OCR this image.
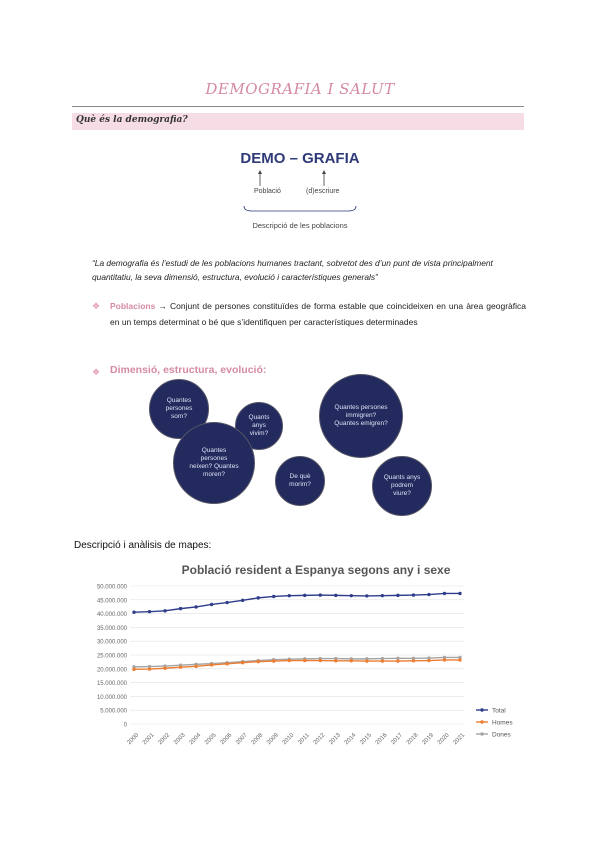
DEMOGRAFIA I SALUT
Què és la demografia?
DEMO – GRAFIA
Població	(d)escriure
Descripció de les poblacions
“La demografia és l’estudi de les poblacions humanes tractant, sobretot des d’un punt de vista principalment quantitatiu, la seva dimensió, estructura, evolució i característiques generals”
❖ Poblacions → Conjunt de persones constituïdes de forma estable que coincideixen en una àrea geogràfica en un temps determinat o bé que s’identifiquen per característiques determinades
❖ Dimensió, estructura, evolució:
Quantes persones som?	Quants anys vivim?
Quantes persones immigren? Quantes emigren?
Quantes persones neixen? Quantes moren?	De què morim?
Quants anys podrem viure?
Descripció i anàlisis de mapes:
Població resident a Espanya segons any i sexe
0
5.000.000
10.000.000
15.000.000
20.000.000
25.000.000
30.000.000
35.000.000
40.000.000
45.000.000
50.000.000
2000 2001 2002 2003 2004 2005 2006 2007 2008 2009 2010 2011 2012 2013 2014 2015 2016 2017 2018 2019 2020 2021
Total
Homes
Dones
